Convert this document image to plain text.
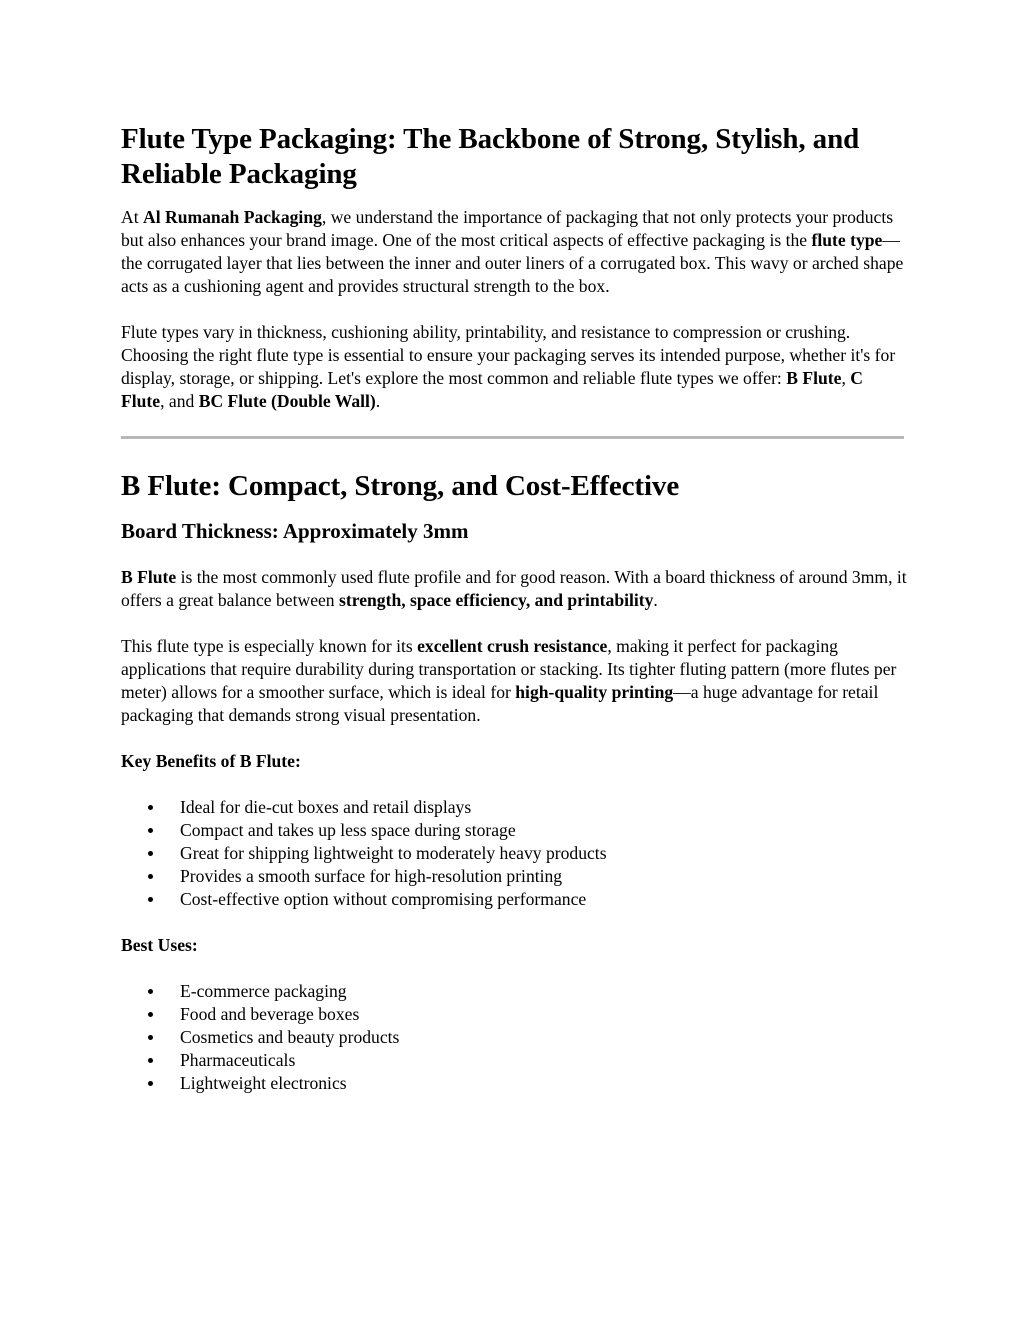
Flute Type Packaging: The Backbone of Strong, Stylish, and Reliable Packaging

At Al Rumanah Packaging, we understand the importance of packaging that not only protects your products but also enhances your brand image. One of the most critical aspects of effective packaging is the flute type—the corrugated layer that lies between the inner and outer liners of a corrugated box. This wavy or arched shape acts as a cushioning agent and provides structural strength to the box.

Flute types vary in thickness, cushioning ability, printability, and resistance to compression or crushing. Choosing the right flute type is essential to ensure your packaging serves its intended purpose, whether it's for display, storage, or shipping. Let's explore the most common and reliable flute types we offer: B Flute, C Flute, and BC Flute (Double Wall).

B Flute: Compact, Strong, and Cost-Effective
Board Thickness: Approximately 3mm

B Flute is the most commonly used flute profile and for good reason. With a board thickness of around 3mm, it offers a great balance between strength, space efficiency, and printability.

This flute type is especially known for its excellent crush resistance, making it perfect for packaging applications that require durability during transportation or stacking. Its tighter fluting pattern (more flutes per meter) allows for a smoother surface, which is ideal for high-quality printing—a huge advantage for retail packaging that demands strong visual presentation.

Key Benefits of B Flute:

Ideal for die-cut boxes and retail displays
Compact and takes up less space during storage
Great for shipping lightweight to moderately heavy products
Provides a smooth surface for high-resolution printing
Cost-effective option without compromising performance

Best Uses:

E-commerce packaging
Food and beverage boxes
Cosmetics and beauty products
Pharmaceuticals
Lightweight electronics
